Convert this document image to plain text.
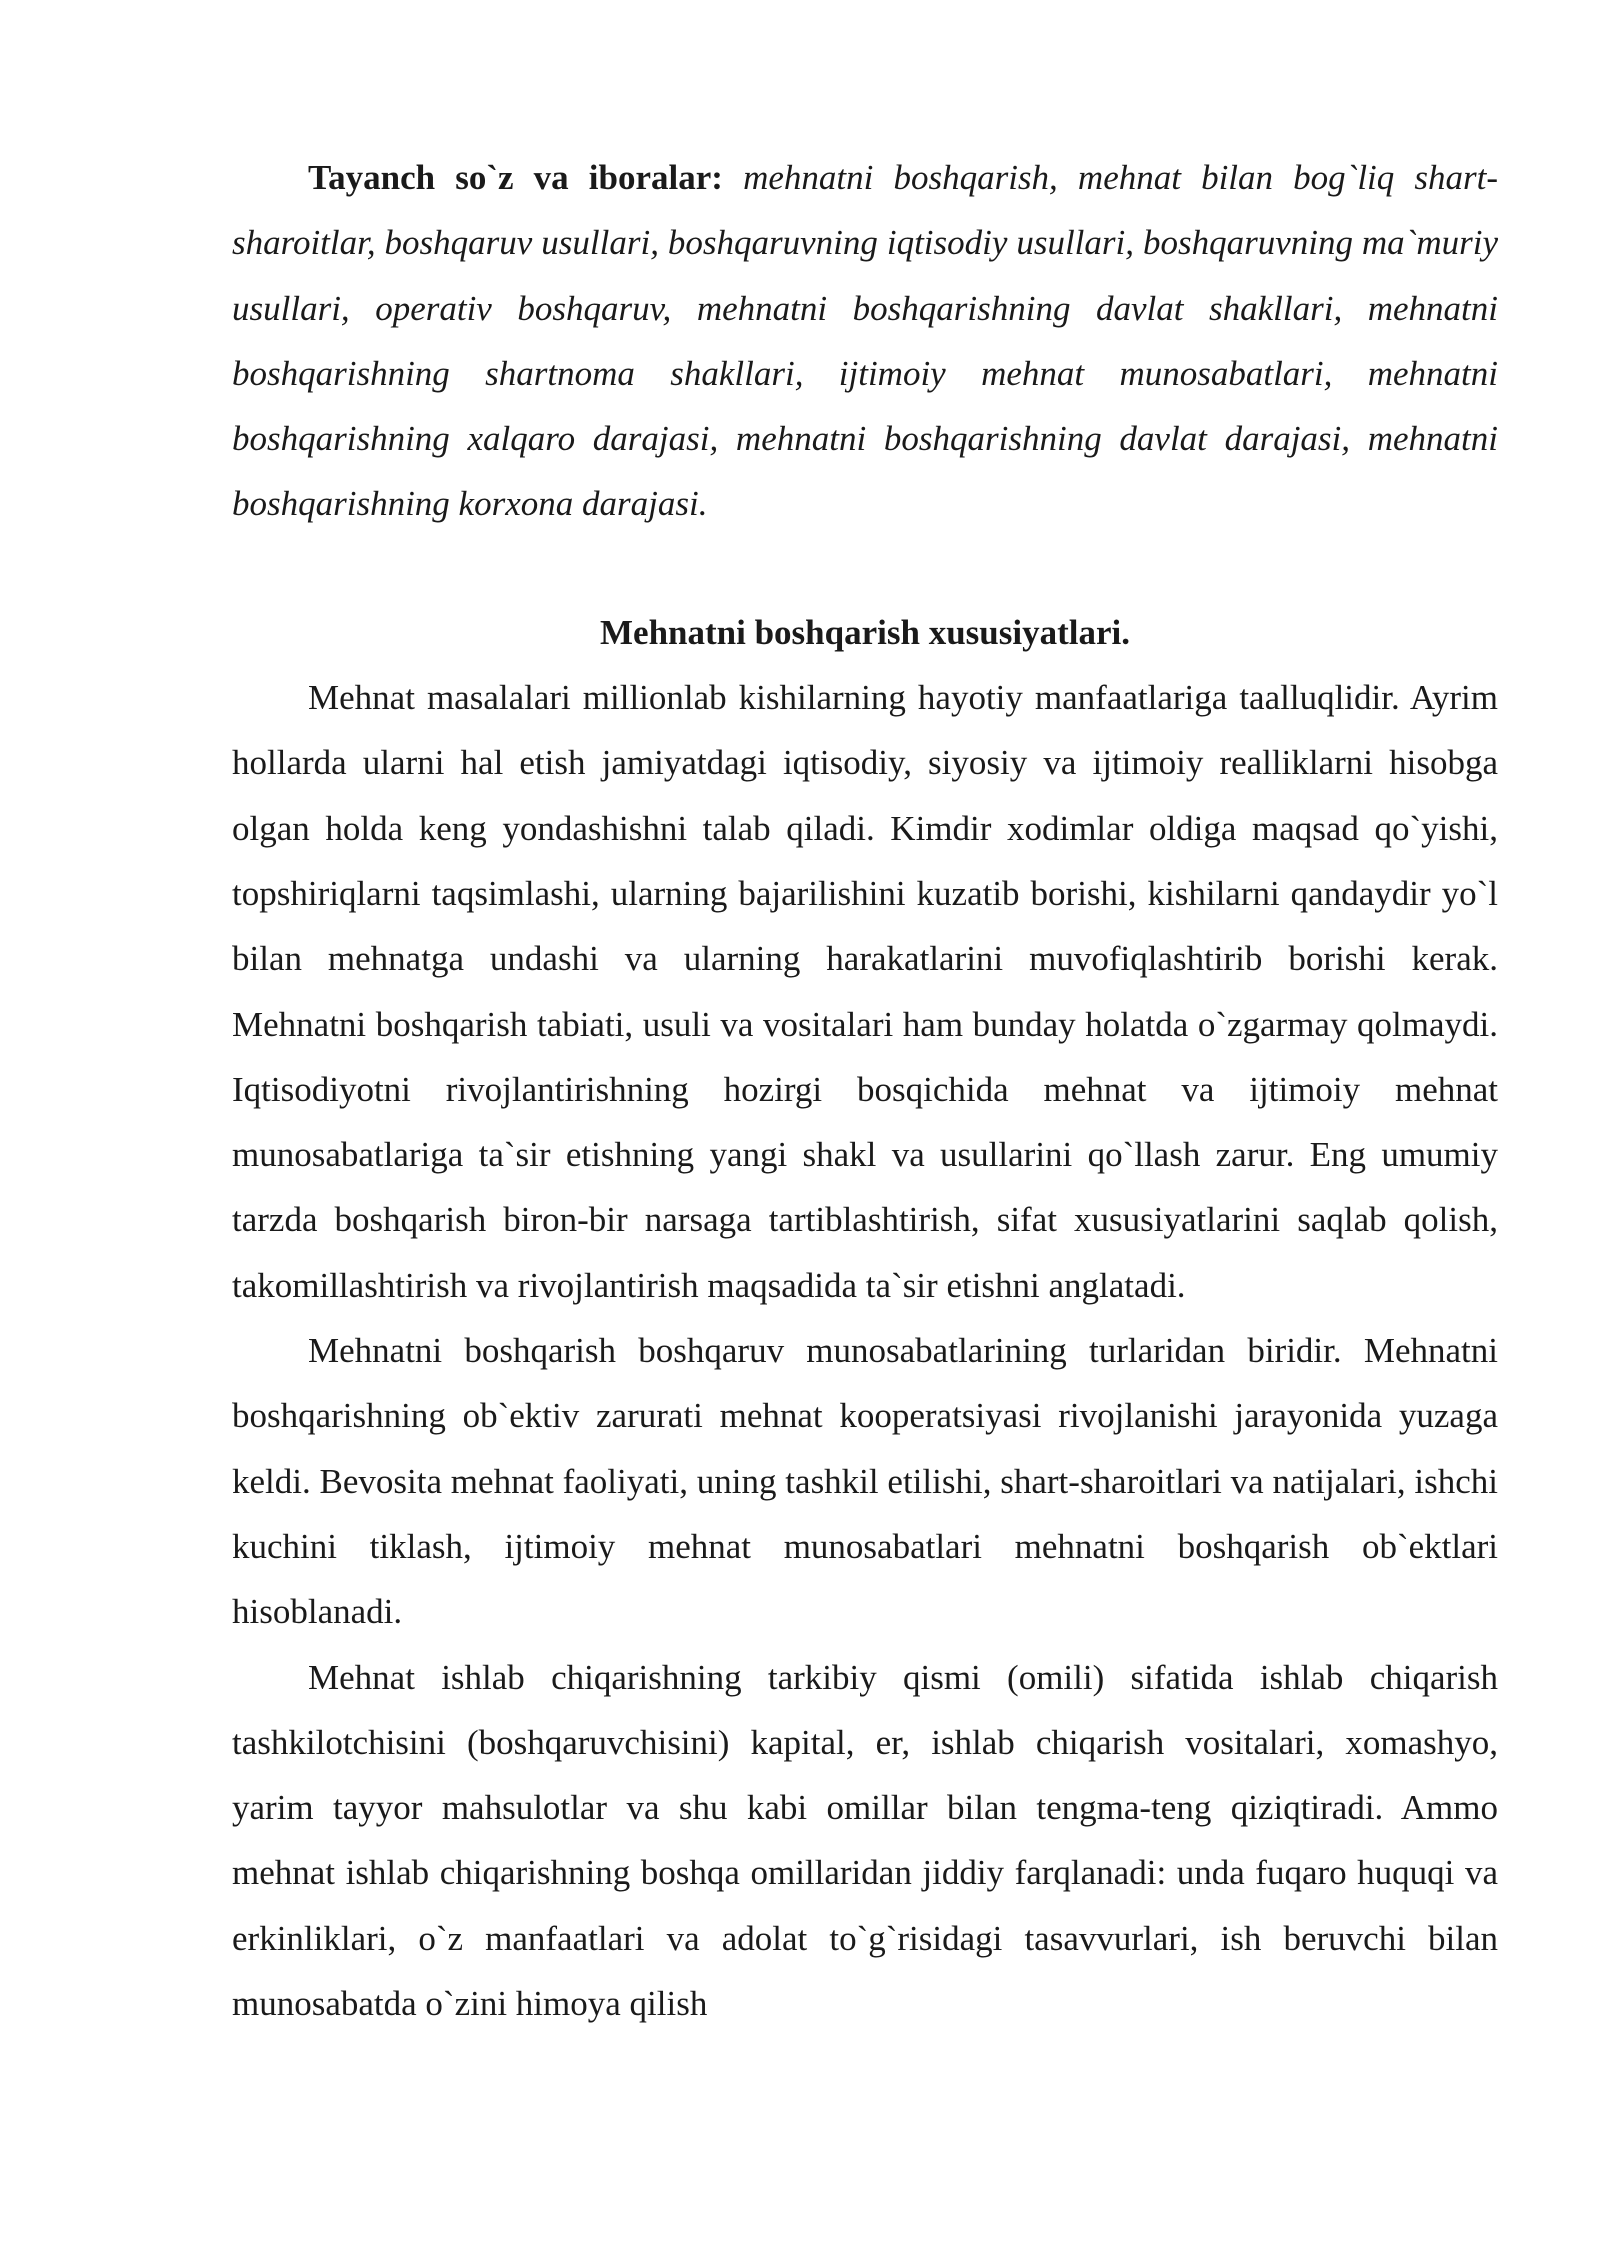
Tayanch so`z va iboralar: mehnatni boshqarish, mehnat bilan bog`liq shart-sharoitlar, boshqaruv usullari, boshqaruvning iqtisodiy usullari, boshqaruvning ma`muriy usullari, operativ boshqaruv, mehnatni boshqarishning davlat shakllari, mehnatni boshqarishning shartnoma shakllari, ijtimoiy mehnat munosabatlari, mehnatni boshqarishning xalqaro darajasi, mehnatni boshqarishning davlat darajasi, mehnatni boshqarishning korxona darajasi.

Mehnatni boshqarish xususiyatlari.

Mehnat masalalari millionlab kishilarning hayotiy manfaatlariga taalluqlidir. Ayrim hollarda ularni hal etish jamiyatdagi iqtisodiy, siyosiy va ijtimoiy realliklarni hisobga olgan holda keng yondashishni talab qiladi. Kimdir xodimlar oldiga maqsad qo`yishi, topshiriqlarni taqsimlashi, ularning bajarilishini kuzatib borishi, kishilarni qandaydir yo`l bilan mehnatga undashi va ularning harakatlarini muvofiqlashtirib borishi kerak. Mehnatni boshqarish tabiati, usuli va vositalari ham bunday holatda o`zgarmay qolmaydi. Iqtisodiyotni rivojlantirishning hozirgi bosqichida mehnat va ijtimoiy mehnat munosabatlariga ta`sir etishning yangi shakl va usullarini qo`llash zarur. Eng umumiy tarzda boshqarish biron-bir narsaga tartiblashtirish, sifat xususiyatlarini saqlab qolish, takomillashtirish va rivojlantirish maqsadida ta`sir etishni anglatadi.

Mehnatni boshqarish boshqaruv munosabatlarining turlaridan biridir. Mehnatni boshqarishning ob`ektiv zarurati mehnat kooperatsiyasi rivojlanishi jarayonida yuzaga keldi. Bevosita mehnat faoliyati, uning tashkil etilishi, shart-sharoitlari va natijalari, ishchi kuchini tiklash, ijtimoiy mehnat munosabatlari mehnatni boshqarish ob`ektlari hisoblanadi.

Mehnat ishlab chiqarishning tarkibiy qismi (omili) sifatida ishlab chiqarish tashkilotchisini (boshqaruvchisini) kapital, er, ishlab chiqarish vositalari, xomashyo, yarim tayyor mahsulotlar va shu kabi omillar bilan tengma-teng qiziqtiradi. Ammo mehnat ishlab chiqarishning boshqa omillaridan jiddiy farqlanadi: unda fuqaro huquqi va erkinliklari, o`z manfaatlari va adolat to`g`risidagi tasavvurlari, ish beruvchi bilan munosabatda o`zini himoya qilish
